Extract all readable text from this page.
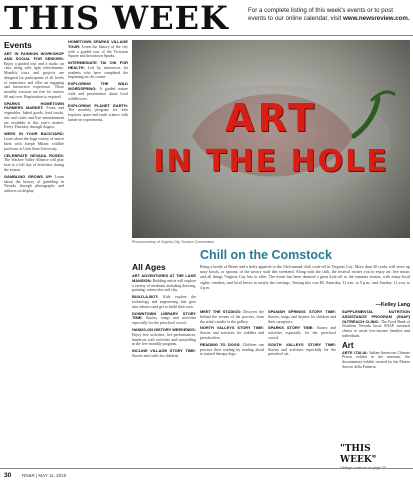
THIS WEEK	For a complete listing of this week's events or to post events to our online calendar, visit www.newsreview.com.
Events
ART IN FASHION WORKSHOP AND SOCIAL FOR SENIORS: Enjoy a guided tour and a studio art class along with light refreshments. Monthly tours and projects are designed for participants of all levels of experience and offer an engaging and interactive experience. These monthly sessions are free for seniors 60 and over. Registration is required.
SPARKS HOMETOWN FARMERS MARKET: Fruits and vegetables, baked goods, food trucks, arts and crafts and live entertainment are available at this year's market. Every Thursday through August.
WEEK IN YOUR BACKYARD: Learn about the huge variety of native birds with Joseph Milani, wildlife professor at Utah State University.
CELEBRATE NEVADA ROSES: The Washoe Valley Alliance will play host to a full day of festivities during the season.
GAMBLING GROWS UP: Learn about the history of gambling in Nevada through photographs and artifacts on display.
HOMETOWN SPARKS VILLAGE TOUR: Learn the history of the city with a guided tour of the Victorian Square and downtown Sparks.
INTERMEDIATE TAI CHI FOR HEALTH: Led by instructors for students who have completed the beginning tai chi course.
EXPLORING THE WILD WORDSPRING: A guided nature walk and presentation about local wildflowers.
EXPLORING PLANET EARTH: The monthly program for kids explores space and earth science with hands-on experiments.	ART
IN THE HOLE
Photo/courtesy of Virginia City Tourism Commission
Chill on the Comstock
Bring a bottle of Reese and a hefty appetite to the 53rd annual chili cook-off in Virginia City. More than 30 cooks will serve up tasty bowls, or spoons, of the savory stuff this weekend. Along with the chili, the festival invites you to enjoy art, live music and all things Virginia City has to offer. The event has been deemed a great kick-off to the summer season, with many local sights, vendors, and local brews to satisfy the cravings. Tasting kits cost $5. Saturday, 11 a.m. to 5 p.m., and Sunday, 11 a.m. to 4 p.m.
—Kelley Lang
All Ages
ART ADVENTURES AT THE LAKE MANSION: Budding artists will explore a variety of mediums including drawing, painting, watercolor and clay.
BUILD-A-BOT: Kids explore the technology and engineering that goes into robotics and get to build their own.
DOWNTOWN LIBRARY STORY TIME: Stories, songs and activities especially for the preschool crowd.
HANDS-ON HISTORY WEEKENDS: Enjoy free activities, live performances, hands-on craft activities and storytelling in the free monthly program.
INCLINE VILLAGE STORY TIME: Stories and crafts for children.
MEET THE STUDIOS: Discover the behind the scenes of the process, from the artist's studio to the gallery.
NORTH VALLEYS STORY TIME: Stories and activities for toddlers and preschoolers.
READING TO DOGS: Children can practice their reading by reading aloud to trained therapy dogs.
SPANISH SPRINGS STORY TIME: Stories, songs and rhymes for children and their caregivers.
SPARKS STORY TIME: Stories and activities especially for the preschool crowd.
SOUTH VALLEYS STORY TIME: Stories and activities especially for the preschool set.
SUPPLEMENTAL NUTRITION ASSISTANCE PROGRAM (SNAP) OUTREACH CLINIC: The Food Bank of Northern Nevada hosts SNAP outreach clinics to assist low-income families and individuals.
Art
ARTE ITALIA: Italian-American Chinese Prison exhibit in the museum, the documentary exhibit curated by the Museo Storico della Fanteria.
"THIS WEEK"
Listings continue on page 33
30 RN&R | MAY 11, 2019
